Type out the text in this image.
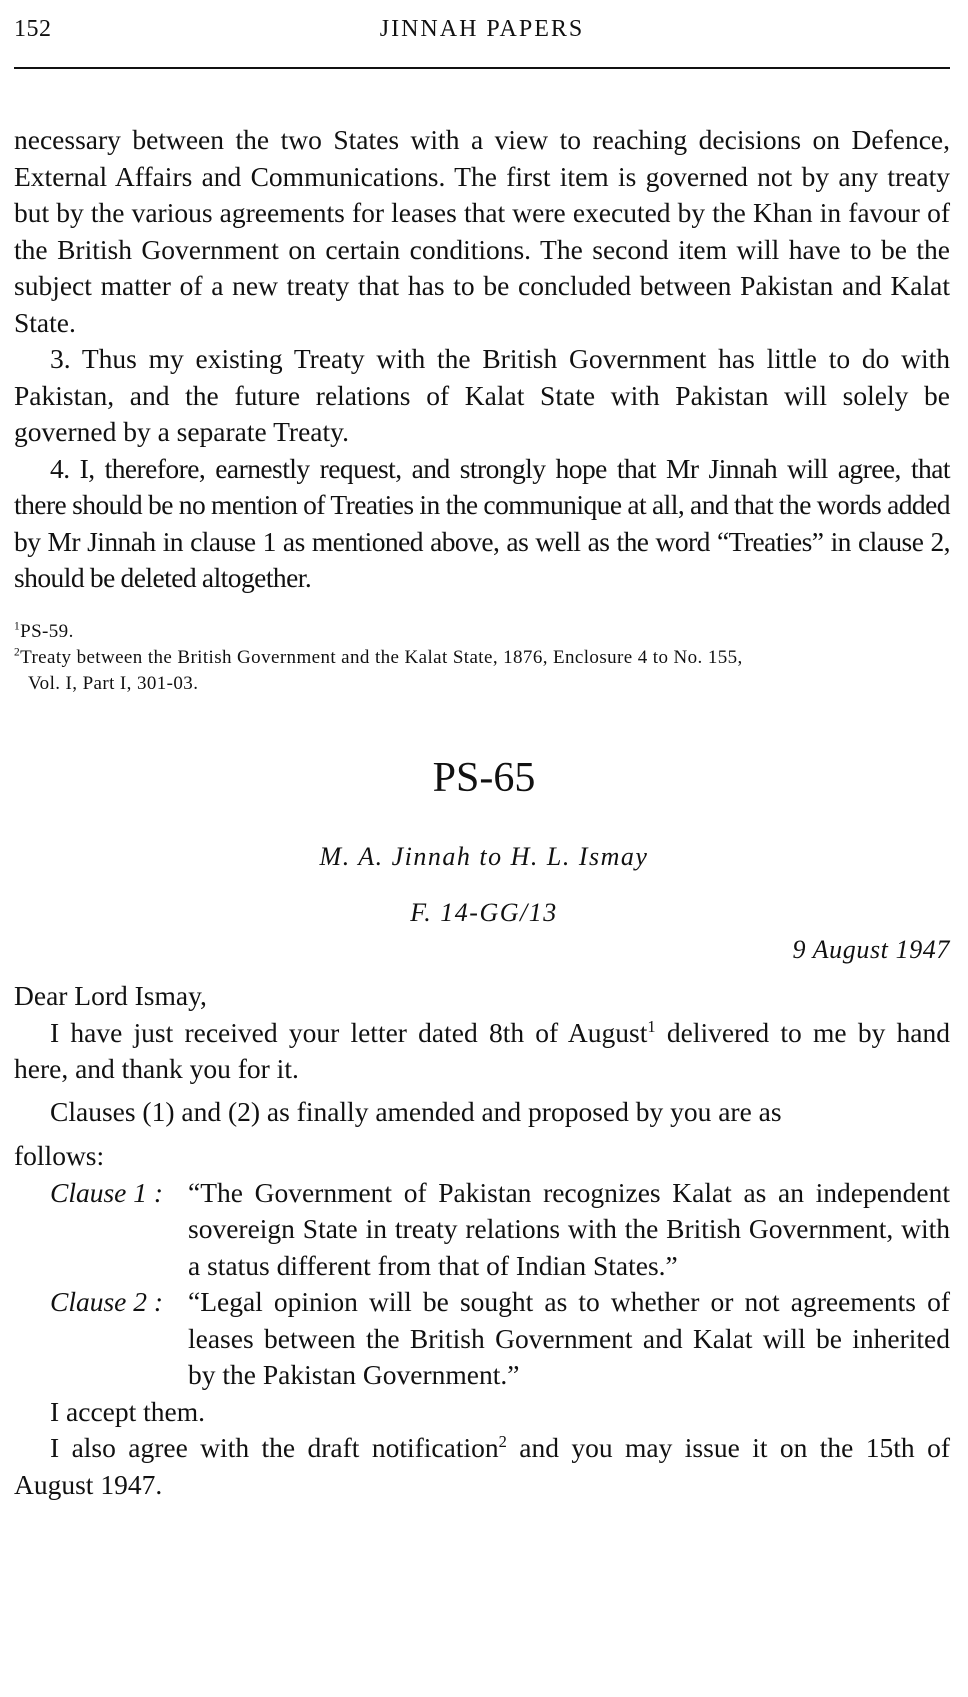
152	JINNAH PAPERS

necessary between the two States with a view to reaching decisions on Defence, External Affairs and Communications. The first item is governed not by any treaty but by the various agreements for leases that were executed by the Khan in favour of the British Government on certain conditions. The second item will have to be the subject matter of a new treaty that has to be concluded between Pakistan and Kalat State.

3. Thus my existing Treaty with the British Government has little to do with Pakistan, and the future relations of Kalat State with Pakistan will solely be governed by a separate Treaty.

4. I, therefore, earnestly request, and strongly hope that Mr Jinnah will agree, that there should be no mention of Treaties in the communique at all, and that the words added by Mr Jinnah in clause 1 as mentioned above, as well as the word “Treaties” in clause 2, should be deleted altogether.

$^1$PS-59.

$^2$Treaty between the British Government and the Kalat State, 1876, Enclosure 4 to No. 155,

Vol. I, Part I, 301-03.

PS-65
M. A. Jinnah to H. L. Ismay
F. 14-GG/13
9 August 1947

Dear Lord Ismay,

I have just received your letter dated 8th of August$^1$ delivered to me by hand here, and thank you for it.

Clauses (1) and (2) as finally amended and proposed by you are as

follows:

Clause 1 : “The Government of Pakistan recognizes Kalat as an independent sovereign State in treaty relations with the British Government, with a status different from that of Indian States.”
Clause 2 : “Legal opinion will be sought as to whether or not agreements of leases between the British Government and Kalat will be inherited by the Pakistan Government.”

I accept them.

I also agree with the draft notification$^2$ and you may issue it on the 15th of August 1947.
